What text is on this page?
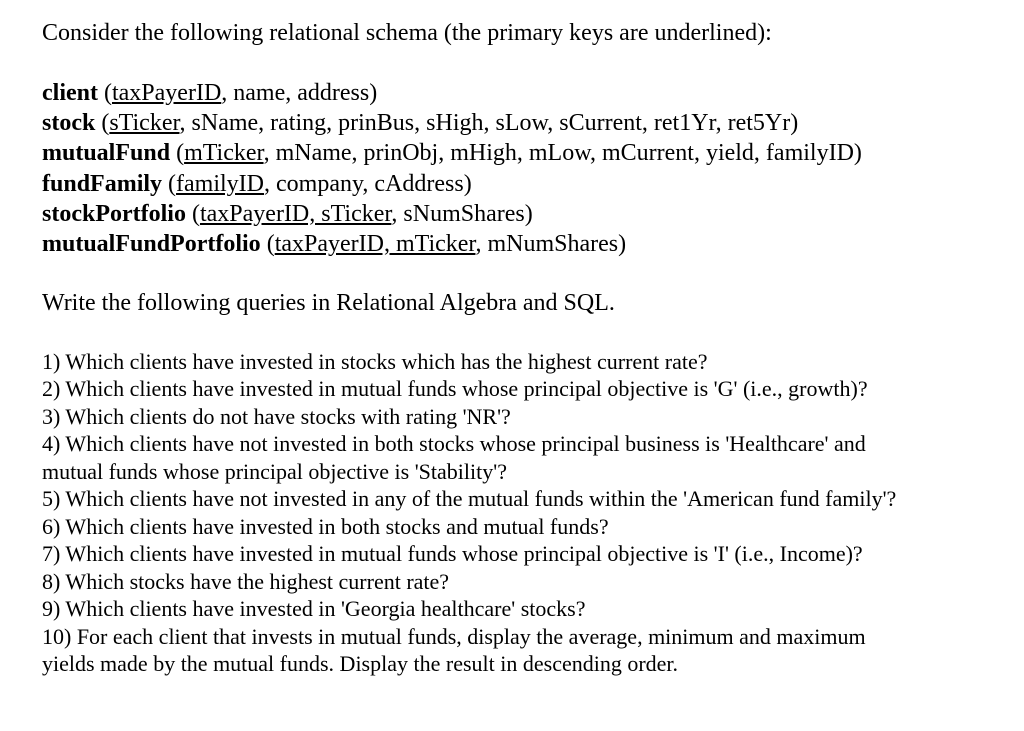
Consider the following relational schema (the primary keys are underlined):
client (taxPayerID, name, address)
stock (sTicker, sName, rating, prinBus, sHigh, sLow, sCurrent, ret1Yr, ret5Yr)
mutualFund (mTicker, mName, prinObj, mHigh, mLow, mCurrent, yield, familyID)
fundFamily (familyID, company, cAddress)
stockPortfolio (taxPayerID, sTicker, sNumShares)
mutualFundPortfolio (taxPayerID, mTicker, mNumShares)
Write the following queries in Relational Algebra and SQL.
1) Which clients have invested in stocks which has the highest current rate?
2) Which clients have invested in mutual funds whose principal objective is 'G' (i.e., growth)?
3) Which clients do not have stocks with rating 'NR'?
4) Which clients have not invested in both stocks whose principal business is 'Healthcare' and
mutual funds whose principal objective is 'Stability'?
5) Which clients have not invested in any of the mutual funds within the 'American fund family'?
6) Which clients have invested in both stocks and mutual funds?
7) Which clients have invested in mutual funds whose principal objective is 'I' (i.e., Income)?
8) Which stocks have the highest current rate?
9) Which clients have invested in 'Georgia healthcare' stocks?
10) For each client that invests in mutual funds, display the average, minimum and maximum
yields made by the mutual funds. Display the result in descending order.
